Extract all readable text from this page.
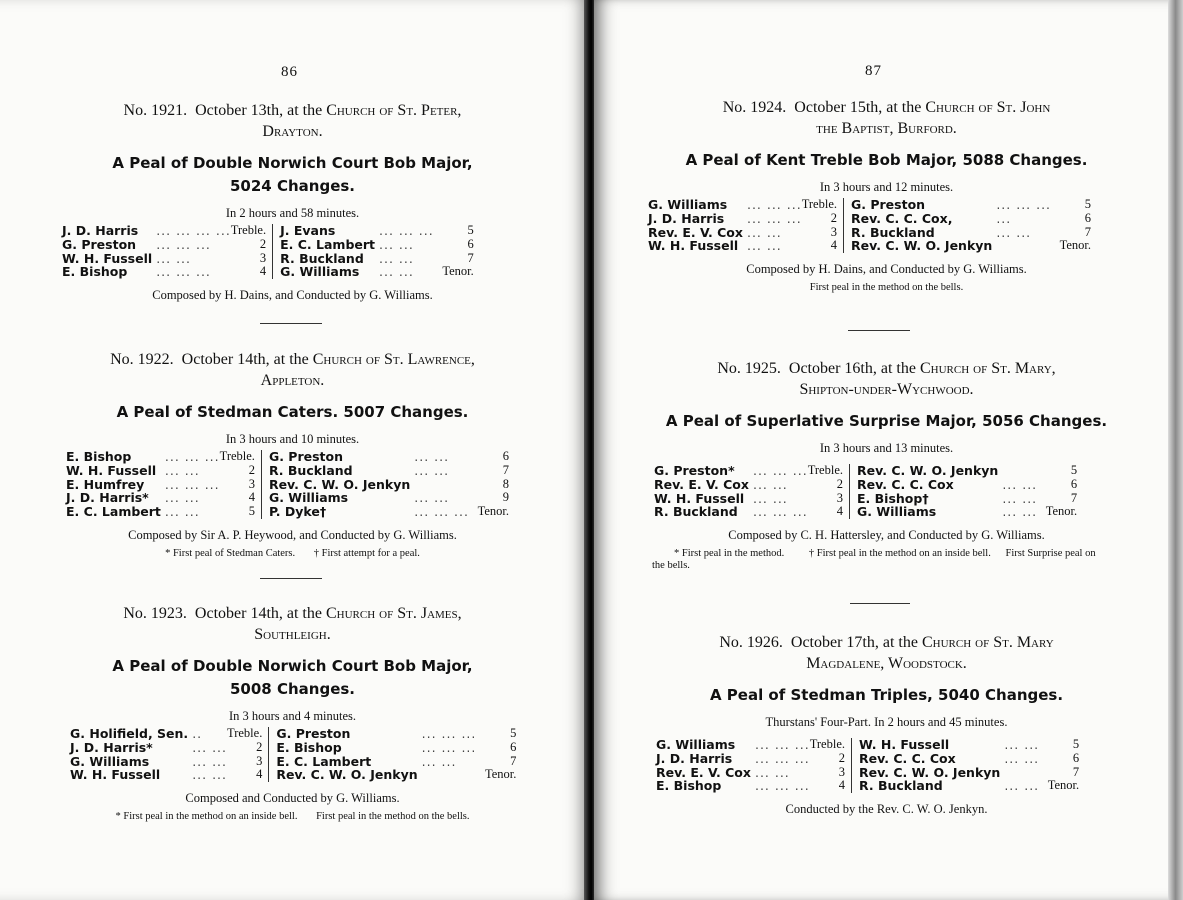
86
No. 1921. October 13th, at the Church of St. Peter,
Drayton.
A Peal of Double Norwich Court Bob Major,
5024 Changes.
In 2 hours and 58 minutes.
J. D. Harris	... ... ... ...	Treble.		J. Evans	... ... ...	5
G. Preston	... ... ...	2		E. C. Lambert	... ...	6
W. H. Fussell	... ...	3		R. Buckland	... ...	7
E. Bishop	... ... ...	4		G. Williams	... ...	Tenor.
Composed by H. Dains, and Conducted by G. Williams.
No. 1922. October 14th, at the Church of St. Lawrence,
Appleton.
A Peal of Stedman Caters. 5007 Changes.
In 3 hours and 10 minutes.
E. Bishop	... ... ...	Treble.		G. Preston	... ...	6
W. H. Fussell	... ...	2		R. Buckland	... ...	7
E. Humfrey	... ... ...	3		Rev. C. W. O. Jenkyn		8
J. D. Harris*	... ...	4		G. Williams	... ...	9
E. C. Lambert	... ...	5		P. Dyke†	... ... ...	Tenor.
Composed by Sir A. P. Heywood, and Conducted by G. Williams.
* First peal of Stedman Caters. † First attempt for a peal.
No. 1923. October 14th, at the Church of St. James,
Southleigh.
A Peal of Double Norwich Court Bob Major,
5008 Changes.
In 3 hours and 4 minutes.
G. Holifield, Sen.	..	Treble.		G. Preston	... ... ...	5
J. D. Harris*	... ...	2		E. Bishop	... ... ...	6
G. Williams	... ...	3		E. C. Lambert	... ...	7
W. H. Fussell	... ...	4		Rev. C. W. O. Jenkyn		Tenor.
Composed and Conducted by G. Williams.
* First peal in the method on an inside bell. First peal in the method on the bells.
87
No. 1924. October 15th, at the Church of St. John
the Baptist, Burford.
A Peal of Kent Treble Bob Major, 5088 Changes.
In 3 hours and 12 minutes.
G. Williams	... ... ...	Treble.		G. Preston	... ... ...	5
J. D. Harris	... ... ...	2		Rev. C. C. Cox,	...	6
Rev. E. V. Cox	... ...	3		R. Buckland	... ...	7
W. H. Fussell	... ...	4		Rev. C. W. O. Jenkyn		Tenor.
Composed by H. Dains, and Conducted by G. Williams.
First peal in the method on the bells.
No. 1925. October 16th, at the Church of St. Mary,
Shipton-under-Wychwood.
A Peal of Superlative Surprise Major, 5056 Changes.
In 3 hours and 13 minutes.
G. Preston*	... ... ...	Treble.		Rev. C. W. O. Jenkyn		5
Rev. E. V. Cox	... ...	2		Rev. C. C. Cox	... ...	6
W. H. Fussell	... ...	3		E. Bishop†	... ...	7
R. Buckland	... ... ...	4		G. Williams	... ...	Tenor.
Composed by C. H. Hattersley, and Conducted by G. Williams.
* First peal in the method. † First peal in the method on an inside bell. First Surprise peal on the bells.
No. 1926. October 17th, at the Church of St. Mary
Magdalene, Woodstock.
A Peal of Stedman Triples, 5040 Changes.
Thurstans' Four-Part. In 2 hours and 45 minutes.
G. Williams	... ... ...	Treble.		W. H. Fussell	... ...	5
J. D. Harris	... ... ...	2		Rev. C. C. Cox	... ...	6
Rev. E. V. Cox	... ...	3		Rev. C. W. O. Jenkyn		7
E. Bishop	... ... ...	4		R. Buckland	... ...	Tenor.
Conducted by the Rev. C. W. O. Jenkyn.
